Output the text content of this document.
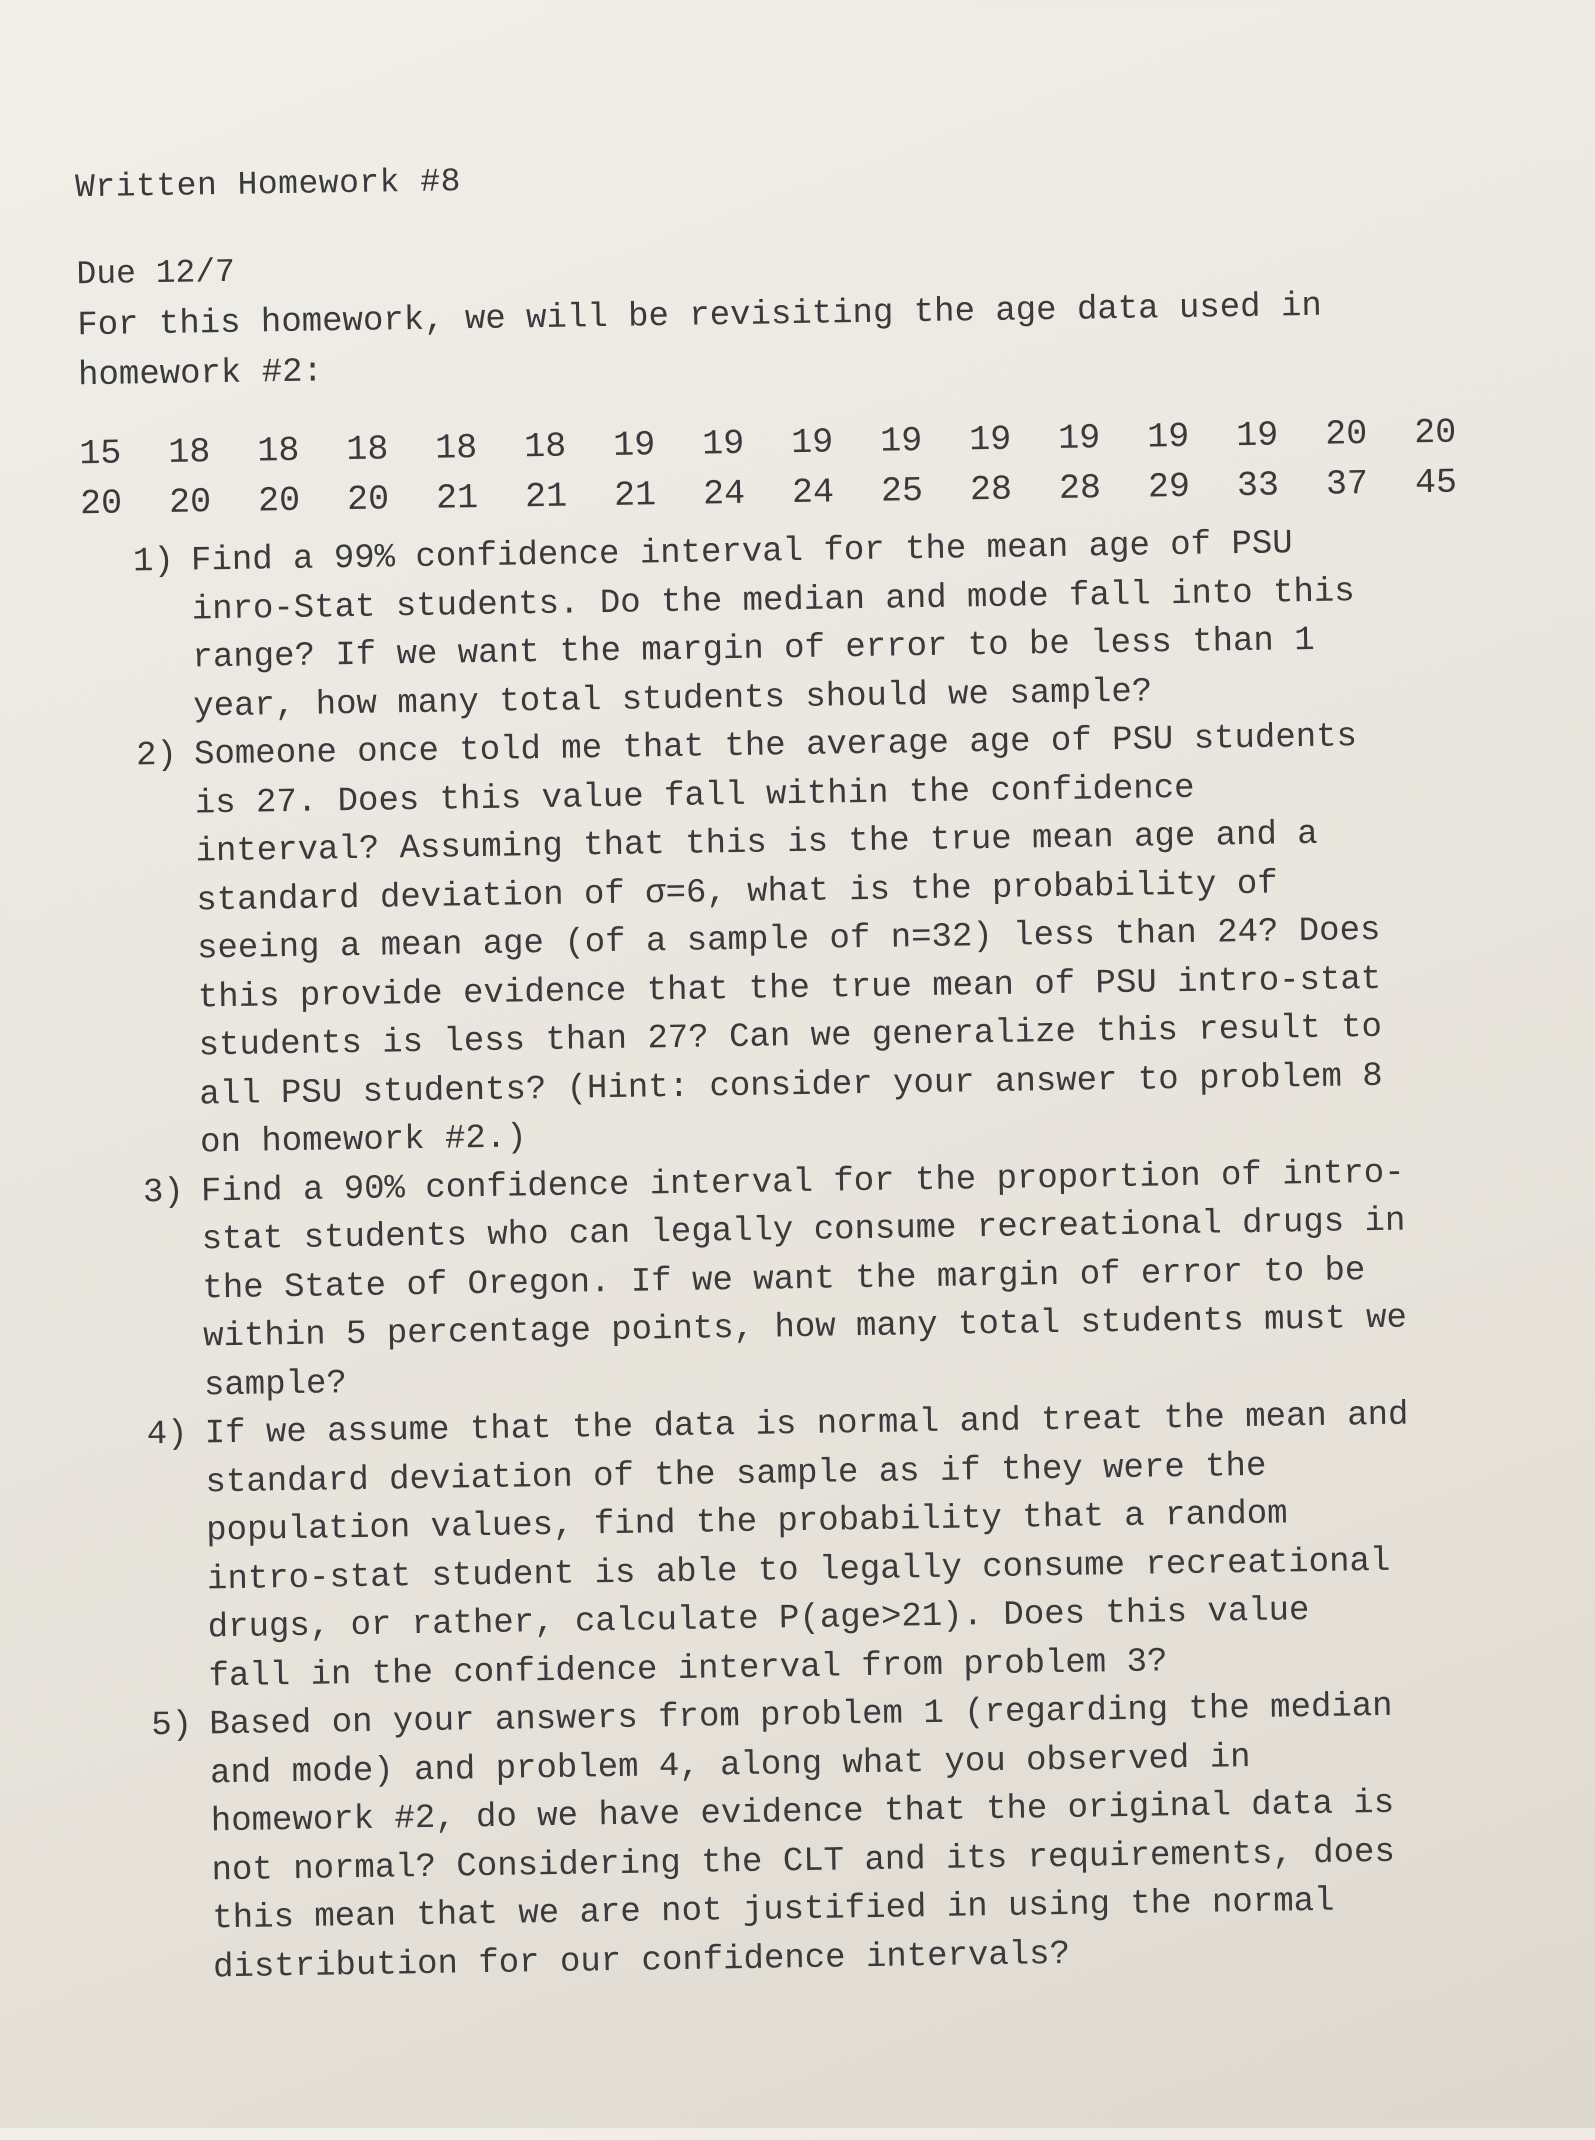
Written Homework #8
Due 12/7
For this homework, we will be revisiting the age data used in
homework #2:
15	18	18	18	18	18	19	19	19	19	19	19	19	19	20	20
20	20	20	20	21	21	21	24	24	25	28	28	29	33	37	45
1) Find a 99% confidence interval for the mean age of PSU
inro-Stat students. Do the median and mode fall into this
range? If we want the margin of error to be less than 1
year, how many total students should we sample?
2) Someone once told me that the average age of PSU students
is 27. Does this value fall within the confidence
interval? Assuming that this is the true mean age and a
standard deviation of σ=6, what is the probability of
seeing a mean age (of a sample of n=32) less than 24? Does
this provide evidence that the true mean of PSU intro-stat
students is less than 27? Can we generalize this result to
all PSU students? (Hint: consider your answer to problem 8
on homework #2.)
3) Find a 90% confidence interval for the proportion of intro-
stat students who can legally consume recreational drugs in
the State of Oregon. If we want the margin of error to be
within 5 percentage points, how many total students must we
sample?
4) If we assume that the data is normal and treat the mean and
standard deviation of the sample as if they were the
population values, find the probability that a random
intro-stat student is able to legally consume recreational
drugs, or rather, calculate P(age>21). Does this value
fall in the confidence interval from problem 3?
5) Based on your answers from problem 1 (regarding the median
and mode) and problem 4, along what you observed in
homework #2, do we have evidence that the original data is
not normal? Considering the CLT and its requirements, does
this mean that we are not justified in using the normal
distribution for our confidence intervals?
